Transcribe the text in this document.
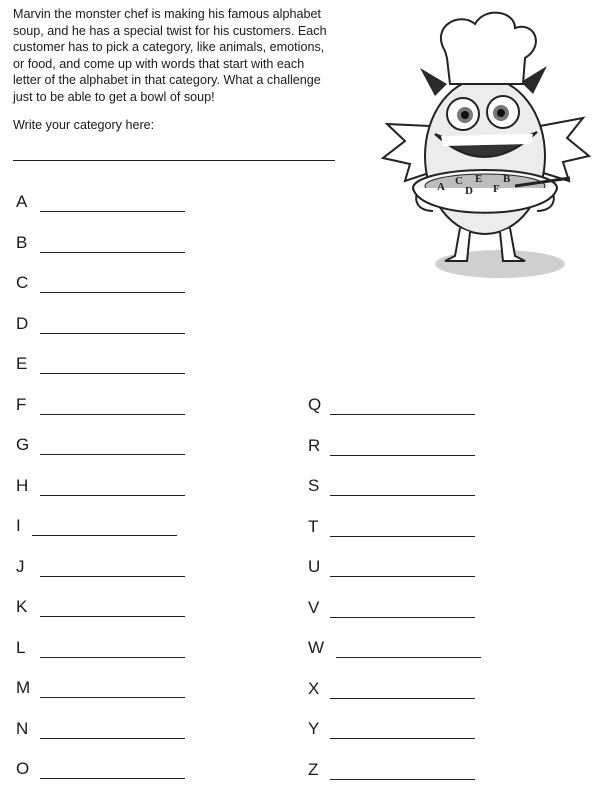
Marvin the monster chef is making his famous alphabet

soup, and he has a special twist for his customers. Each

customer has to pick a category, like animals, emotions,

or food, and come up with words that start with each

letter of the alphabet in that category. What a challenge

just to be able to get a bowl of soup!

Write your category here:
A
B
C
D
E
F
G
H
I
J
K
L
M
N
O
Q
R
S
T
U
V
W
X
Y
Z
A C E
D F
B
